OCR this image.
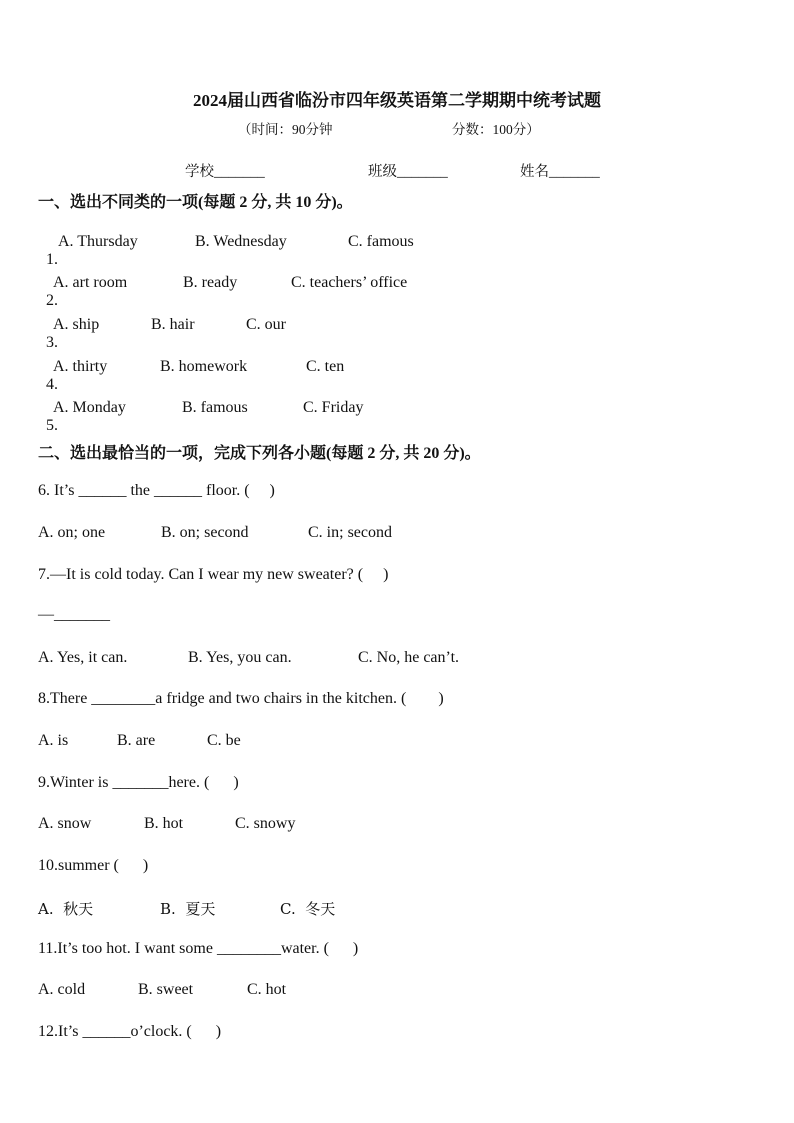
2024届山西省临汾市四年级英语第二学期期中统考试题
（时间：90分钟	分数：100分）
学校_______	班级_______	姓名_______
一、选出不同类的一项(每题 2 分, 共 10 分)。

1.

A. Thursday	B. Wednesday	C. famous

2.

A. art room	B. ready	C. teachers’ office

3.

A. ship	B. hair	C. our

4.

A. thirty	B. homework	C. ten

5.

A. Monday	B. famous	C. Friday
二、选出最恰当的一项，完成下列各小题(每题 2 分, 共 20 分)。
6. It’s ______ the ______ floor. (     )
A. on; one	B. on; second	C. in; second
7.—It is cold today. Can I wear my new sweater? (     )
—_______
A. Yes, it can.	B. Yes, you can.	C. No, he can’t.
8.There ________a fridge and two chairs in the kitchen. (        )
A. is	B. are	C. be
9.Winter is _______here. (      )
A. snow	B. hot	C. snowy
10.summer (      )
A.  秋天	B.  夏天	C.  冬天
11.It’s too hot. I want some ________water. (      )
A. cold	B. sweet	C. hot
12.It’s ______o’clock. (      )
